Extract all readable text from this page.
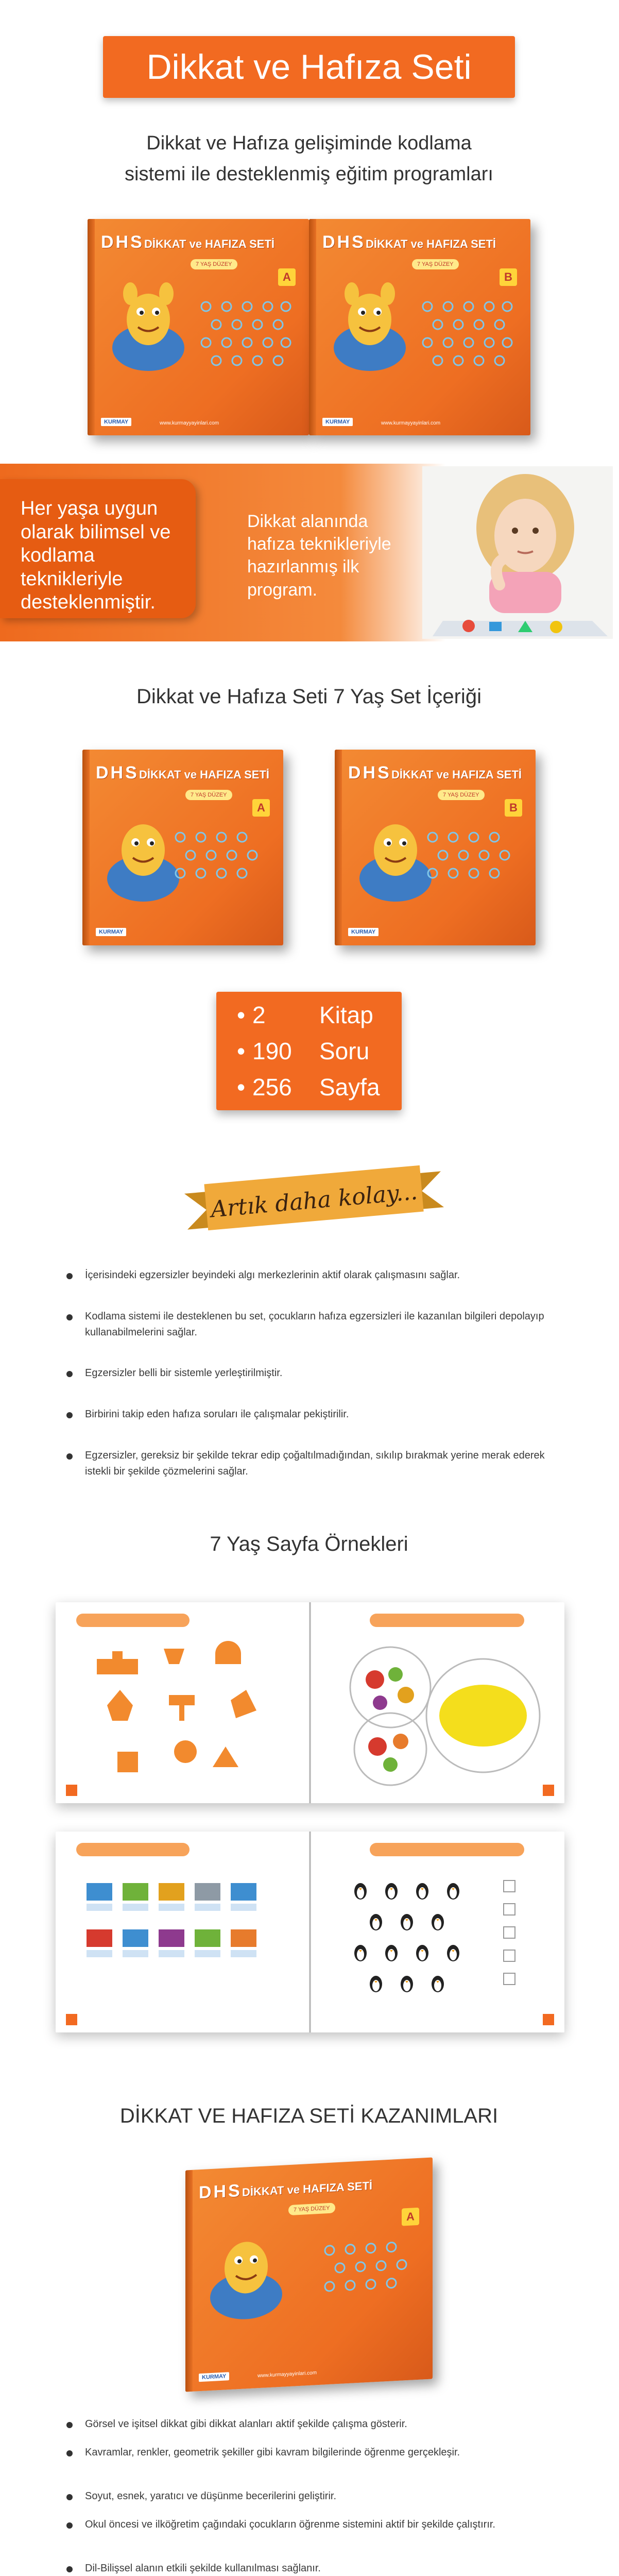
Dikkat ve Hafıza Seti
Dikkat ve Hafıza gelişiminde kodlama
sistemi ile desteklenmiş eğitim programları
DHS DİKKAT ve HAFIZA SETİ
7 YAŞ DÜZEY
A
KURMAY	www.kurmayyayinlari.com
DHS DİKKAT ve HAFIZA SETİ
7 YAŞ DÜZEY
B
KURMAY	www.kurmayyayinlari.com
Her yaşa uygun olarak bilimsel ve kodlama teknikleriyle desteklenmiştir.
Dikkat alanında hafıza teknikleriyle hazırlanmış ilk program.
Dikkat ve Hafıza Seti 7 Yaş Set İçeriği
DHS DİKKAT ve HAFIZA SETİ
7 YAŞ DÜZEY
A
KURMAY
DHS DİKKAT ve HAFIZA SETİ
7 YAŞ DÜZEY
B
KURMAY
• 2	Kitap
• 190	Soru
• 256	Sayfa
Artık daha kolay...
İçerisindeki egzersizler beyindeki algı merkezlerinin aktif olarak çalışmasını sağlar.
Kodlama sistemi ile desteklenen bu set, çocukların hafıza egzersizleri ile kazanılan bilgileri depolayıp kullanabilmelerini sağlar.
Egzersizler belli bir sistemle yerleştirilmiştir.
Birbirini takip eden hafıza soruları ile çalışmalar pekiştirilir.
Egzersizler, gereksiz bir şekilde tekrar edip çoğaltılmadığından, sıkılıp bırakmak yerine merak ederek istekli bir şekilde çözmelerini sağlar.
7 Yaş Sayfa Örnekleri
DİKKAT VE HAFIZA SETİ KAZANIMLARI
DHS DİKKAT ve HAFIZA SETİ
7 YAŞ DÜZEY
A
KURMAY	www.kurmayyayinlari.com
Görsel ve işitsel dikkat gibi dikkat alanları aktif şekilde çalışma gösterir.
Kavramlar, renkler, geometrik şekiller gibi kavram bilgilerinde öğrenme gerçekleşir.
Soyut, esnek, yaratıcı ve düşünme becerilerini geliştirir.
Okul öncesi ve ilköğretim çağındaki çocukların öğrenme sistemini aktif bir şekilde çalıştırır.
Dil-Bilişsel alanın etkili şekilde kullanılması sağlanır.
